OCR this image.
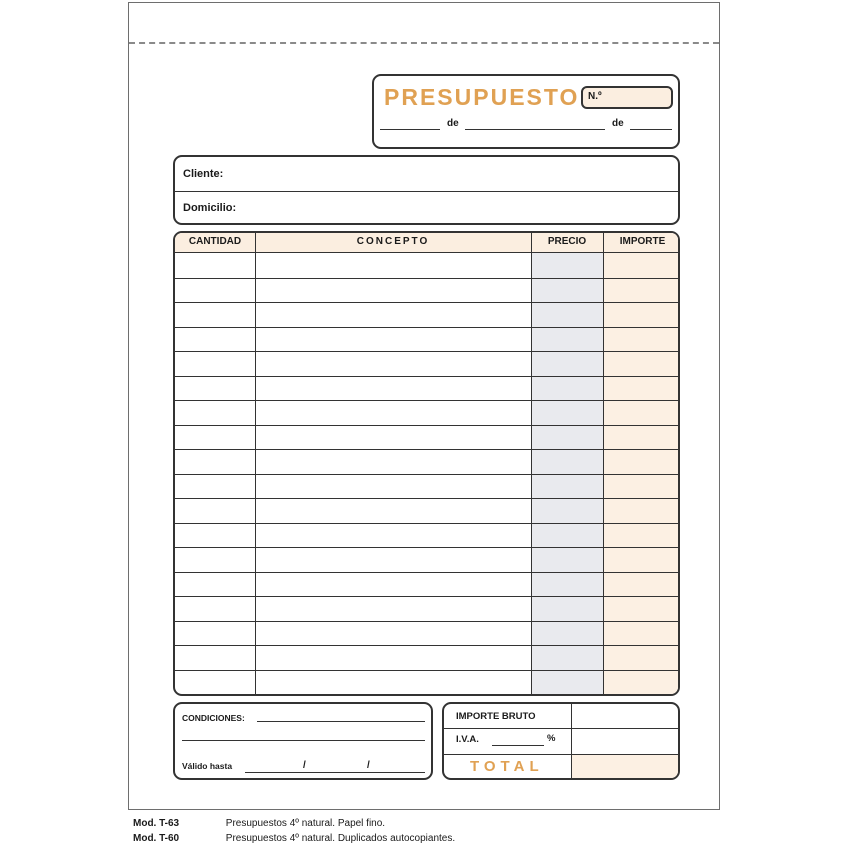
PRESUPUESTO N.º
de	de
Cliente:
Domicilio:
CANTIDAD	CONCEPTO	PRECIO	IMPORTE
CONDICIONES:
Válido hasta	/	/
IMPORTE BRUTO
I.V.A.	%
TOTAL
Mod. T-63	Presupuestos 4º natural. Papel fino.
Mod. T-60	Presupuestos 4º natural. Duplicados autocopiantes.
